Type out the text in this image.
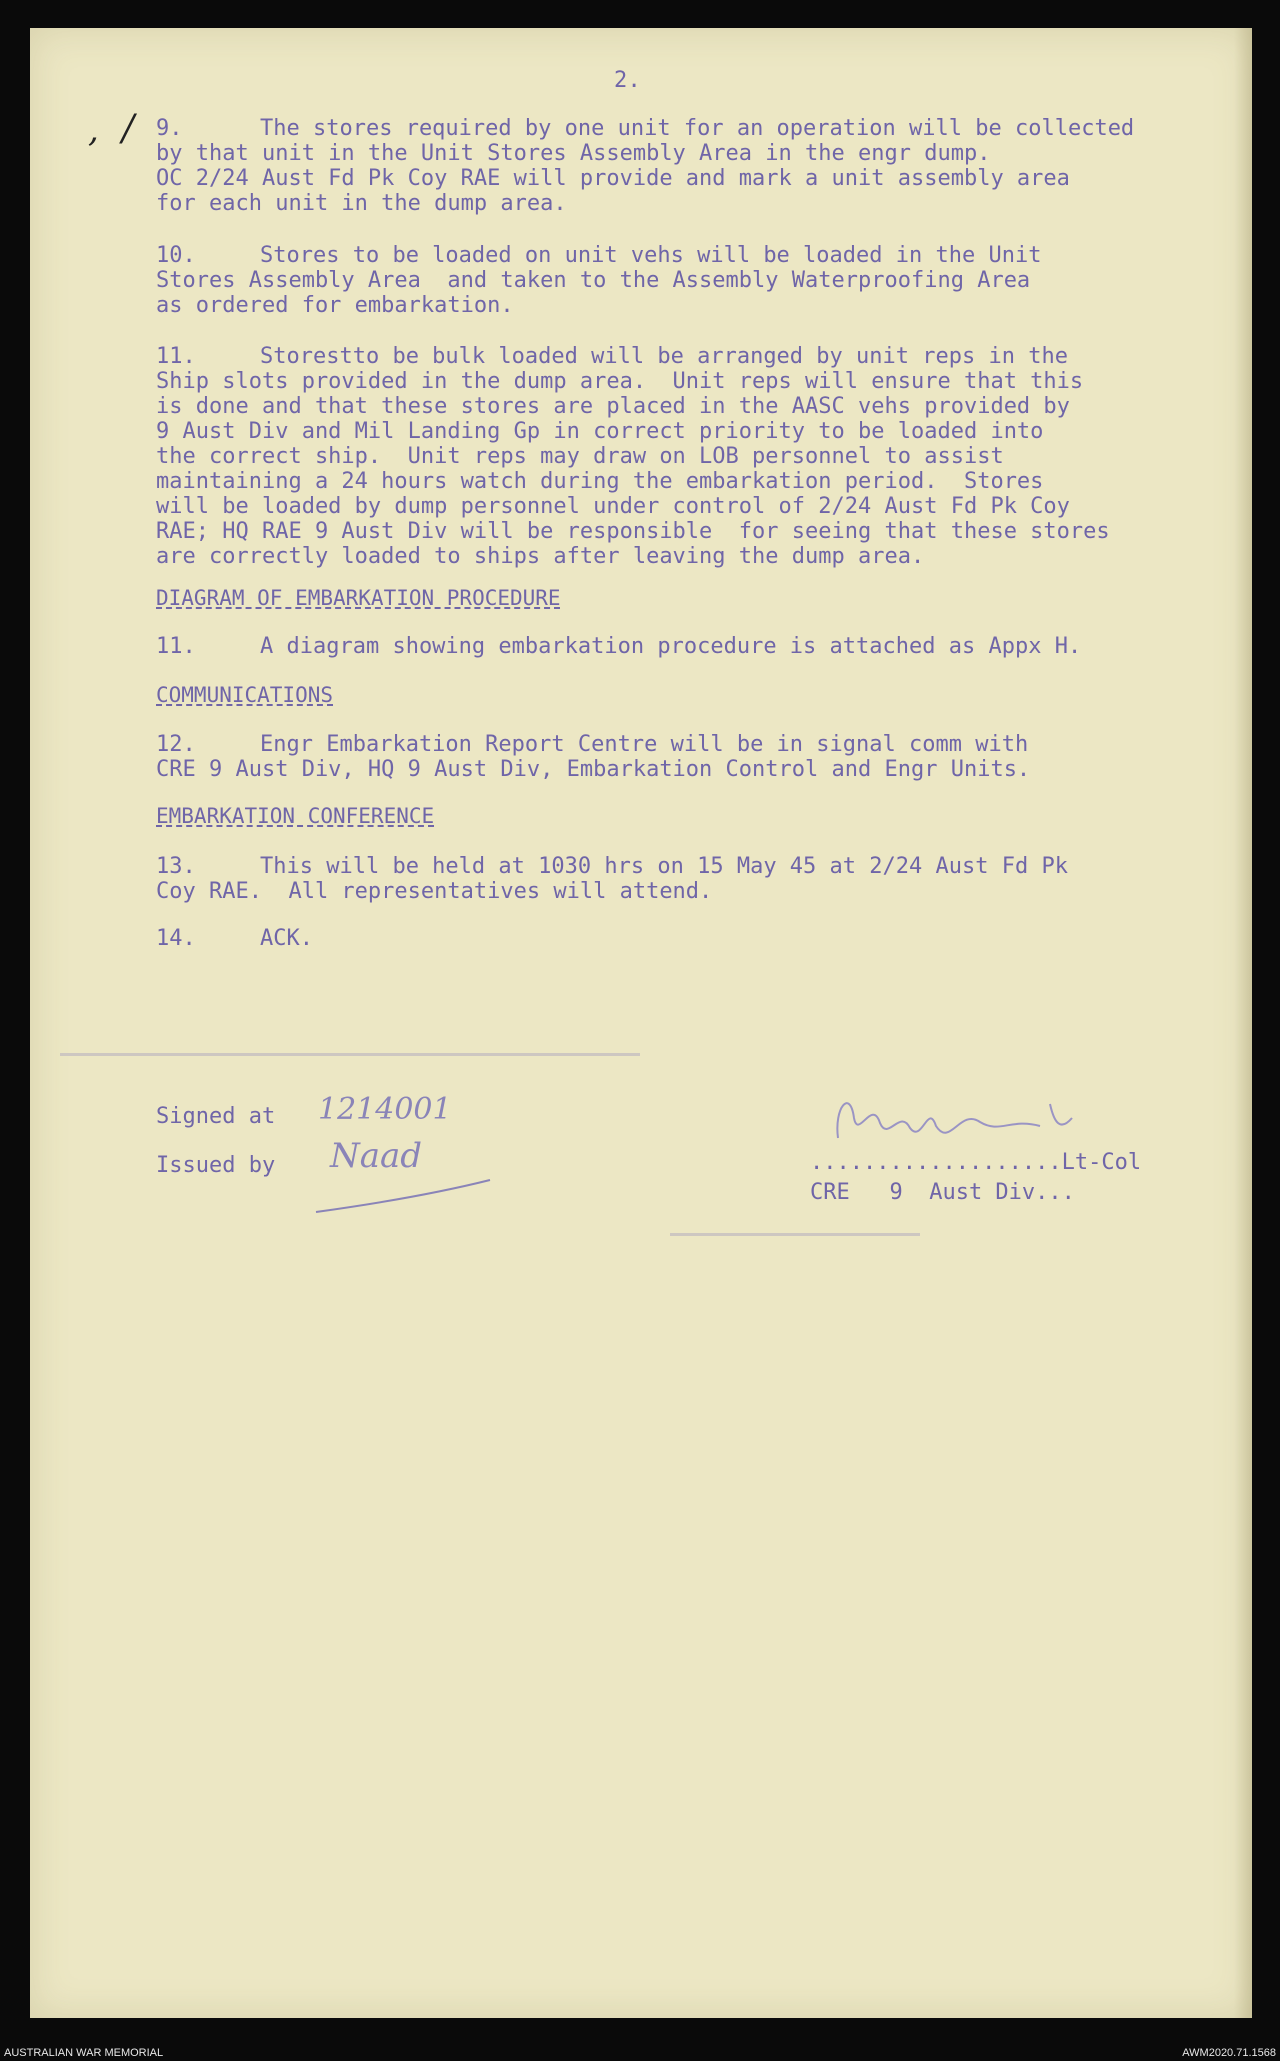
2.
, / 9.	The stores required by one unit for an operation will be collected
by that unit in the Unit Stores Assembly Area in the engr dump.
OC 2/24 Aust Fd Pk Coy RAE will provide and mark a unit assembly area
for each unit in the dump area.
10.	Stores to be loaded on unit vehs will be loaded in the Unit
Stores Assembly Area  and taken to the Assembly Waterproofing Area
as ordered for embarkation.
11.	Storestto be bulk loaded will be arranged by unit reps in the
Ship slots provided in the dump area.  Unit reps will ensure that this
is done and that these stores are placed in the AASC vehs provided by
9 Aust Div and Mil Landing Gp in correct priority to be loaded into
the correct ship.  Unit reps may draw on LOB personnel to assist
maintaining a 24 hours watch during the embarkation period.  Stores
will be loaded by dump personnel under control of 2/24 Aust Fd Pk Coy
RAE; HQ RAE 9 Aust Div will be responsible  for seeing that these stores
are correctly loaded to ships after leaving the dump area.
DIAGRAM OF EMBARKATION PROCEDURE
11.	A diagram showing embarkation procedure is attached as Appx H.
COMMUNICATIONS
12.	Engr Embarkation Report Centre will be in signal comm with
CRE 9 Aust Div, HQ 9 Aust Div, Embarkation Control and Engr Units.
EMBARKATION CONFERENCE
13.	This will be held at 1030 hrs on 15 May 45 at 2/24 Aust Fd Pk
Coy RAE.  All representatives will attend.
14.	ACK.
Signed at 1214001
Issued by Naad	...................Lt-Col
CRE   9  Aust Div...
AUSTRALIAN WAR MEMORIAL	AWM2020.71.1568
